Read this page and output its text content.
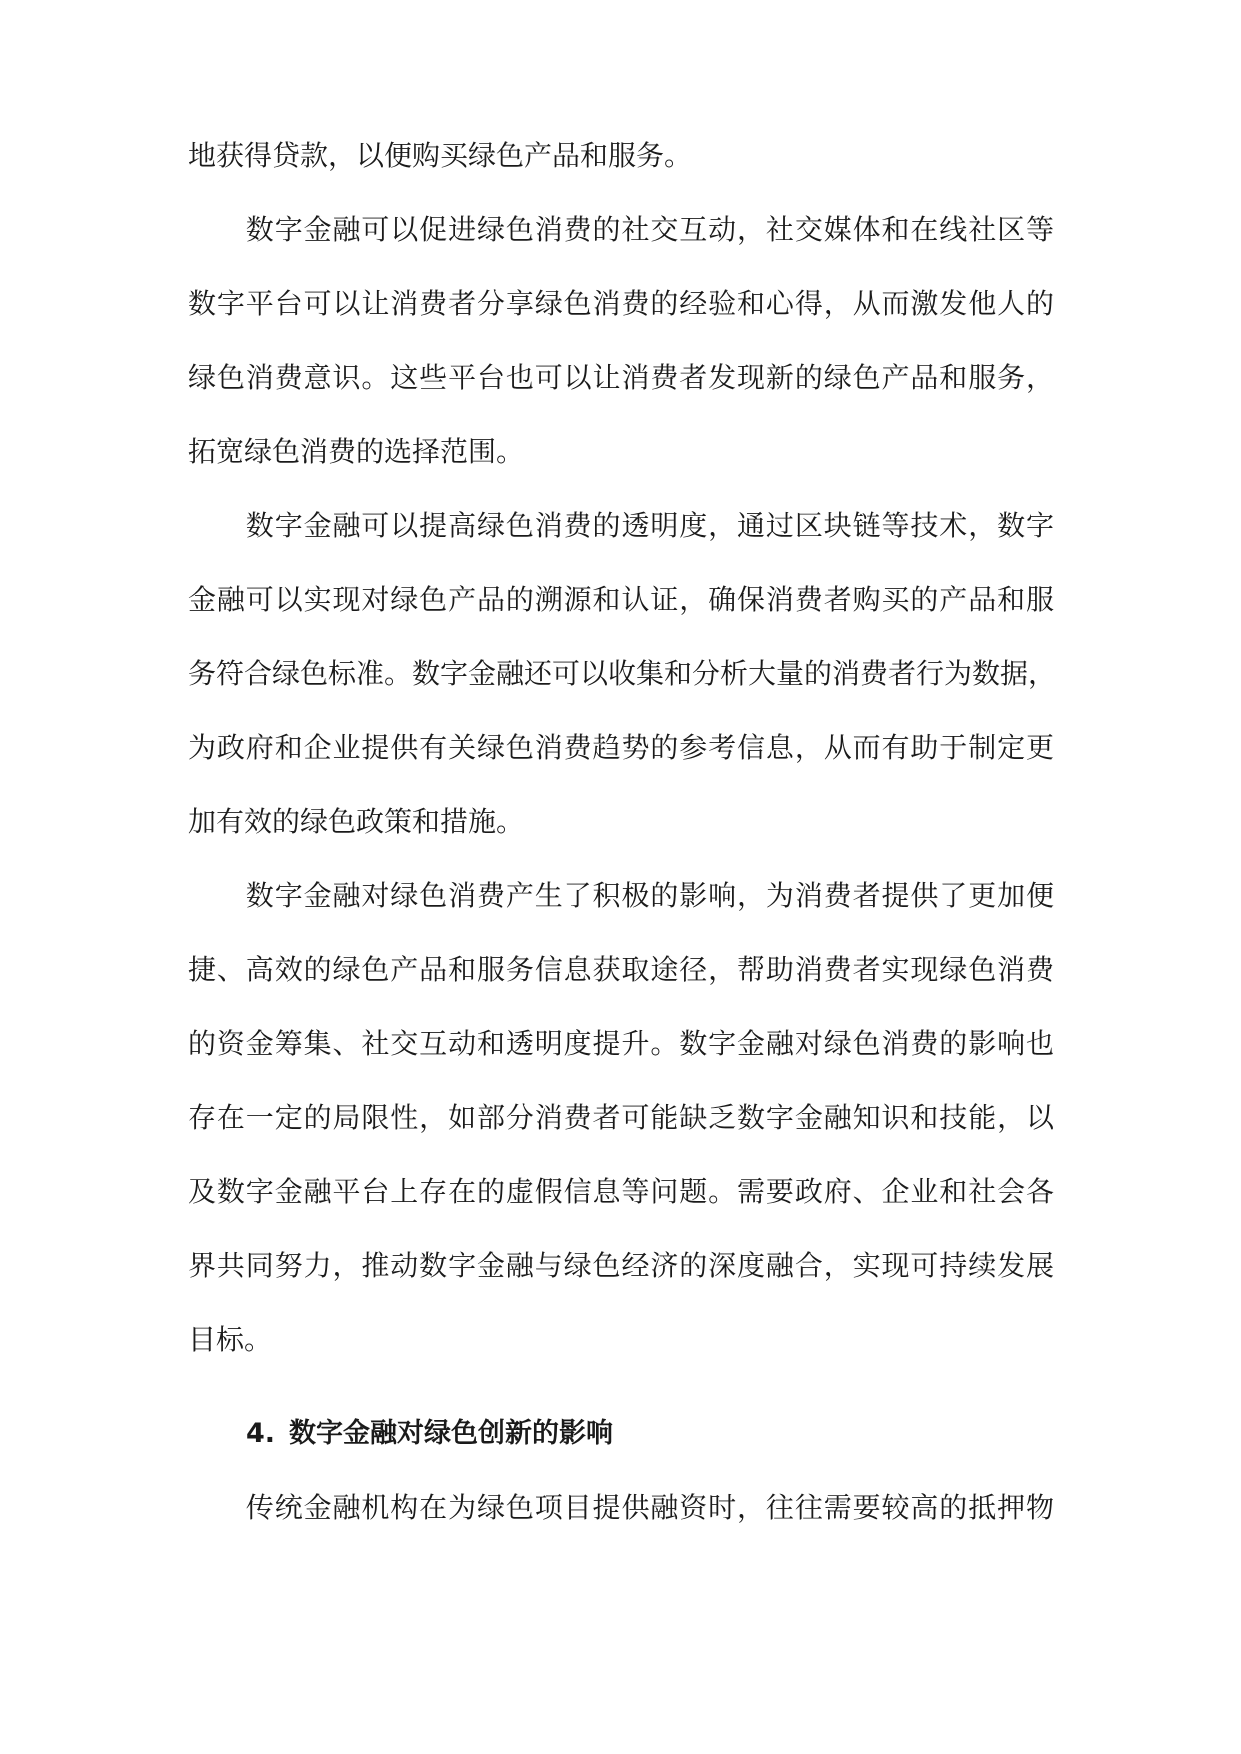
地获得贷款，以便购买绿色产品和服务。
　　数字金融可以促进绿色消费的社交互动，社交媒体和在线社区等
数字平台可以让消费者分享绿色消费的经验和心得，从而激发他人的
绿色消费意识。这些平台也可以让消费者发现新的绿色产品和服务，
拓宽绿色消费的选择范围。
　　数字金融可以提高绿色消费的透明度，通过区块链等技术，数字
金融可以实现对绿色产品的溯源和认证，确保消费者购买的产品和服
务符合绿色标准。数字金融还可以收集和分析大量的消费者行为数据，
为政府和企业提供有关绿色消费趋势的参考信息，从而有助于制定更
加有效的绿色政策和措施。
　　数字金融对绿色消费产生了积极的影响，为消费者提供了更加便
捷、高效的绿色产品和服务信息获取途径，帮助消费者实现绿色消费
的资金筹集、社交互动和透明度提升。数字金融对绿色消费的影响也
存在一定的局限性，如部分消费者可能缺乏数字金融知识和技能，以
及数字金融平台上存在的虚假信息等问题。需要政府、企业和社会各
界共同努力，推动数字金融与绿色经济的深度融合，实现可持续发展
目标。
4. 数字金融对绿色创新的影响
　　传统金融机构在为绿色项目提供融资时，往往需要较高的抵押物
